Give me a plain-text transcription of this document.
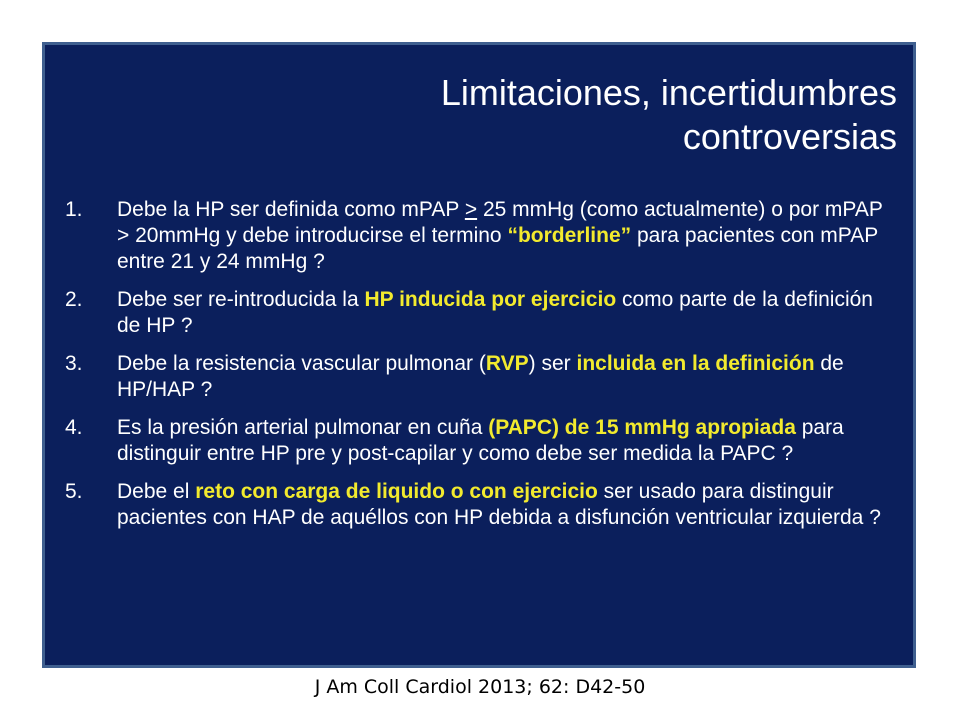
Limitaciones, incertidumbres
controversias
1.	Debe la HP ser definida como mPAP > 25 mmHg (como actualmente) o por mPAP > 20mmHg y debe introducirse el termino “borderline” para pacientes con mPAP entre 21 y 24 mmHg ?
2.	Debe ser re-introducida la HP inducida por ejercicio como parte de la definición de HP ?
3.	Debe la resistencia vascular pulmonar (RVP) ser incluida en la definición de HP/HAP ?
4.	Es la presión arterial pulmonar en cuña (PAPC) de 15 mmHg apropiada para distinguir entre HP pre y post-capilar y como debe ser medida la PAPC ?
5.	Debe el reto con carga de liquido o con ejercicio ser usado para distinguir pacientes con HAP de aquéllos con HP debida a disfunción ventricular izquierda ?
J Am Coll Cardiol 2013; 62: D42-50
